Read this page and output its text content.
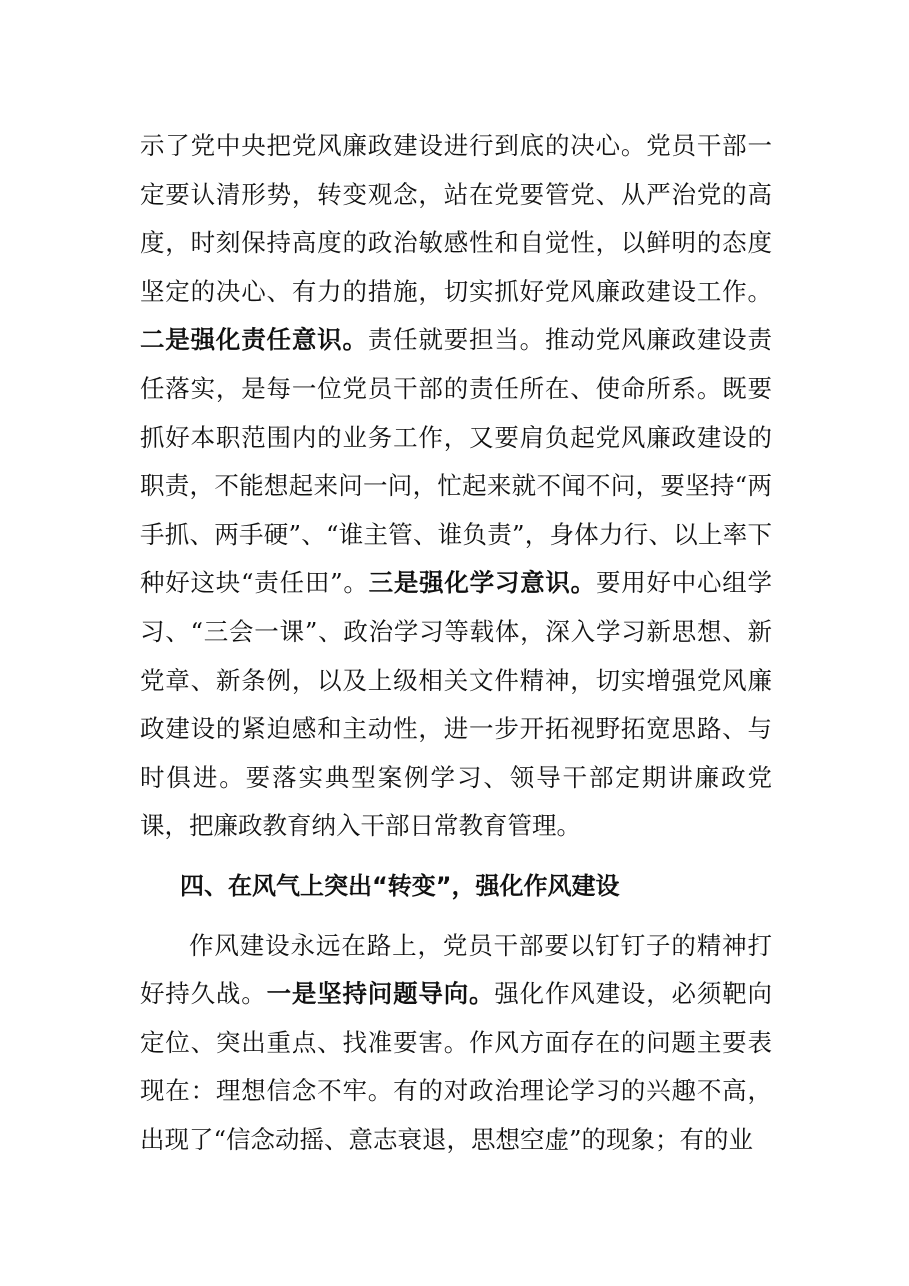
示了党中央把党风廉政建设进行到底的决心。党员干部一定要认清形势，转变观念，站在党要管党、从严治党的高度，时刻保持高度的政治敏感性和自觉性，以鲜明的态度坚定的决心、有力的措施，切实抓好党风廉政建设工作。二是强化责任意识。责任就要担当。推动党风廉政建设责任落实，是每一位党员干部的责任所在、使命所系。既要抓好本职范围内的业务工作，又要肩负起党风廉政建设的职责，不能想起来问一问，忙起来就不闻不问，要坚持“两手抓、两手硬”、“谁主管、谁负责”，身体力行、以上率下种好这块“责任田”。三是强化学习意识。要用好中心组学习、“三会一课”、政治学习等载体，深入学习新思想、新党章、新条例，以及上级相关文件精神，切实增强党风廉政建设的紧迫感和主动性，进一步开拓视野拓宽思路、与时俱进。要落实典型案例学习、领导干部定期讲廉政党课，把廉政教育纳入干部日常教育管理。

四、在风气上突出“转变”，强化作风建设

作风建设永远在路上，党员干部要以钉钉子的精神打好持久战。一是坚持问题导向。强化作风建设，必须靶向定位、突出重点、找准要害。作风方面存在的问题主要表现在：理想信念不牢。有的对政治理论学习的兴趣不高，出现了“信念动摇、意志衰退，思想空虚”的现象；有的业
